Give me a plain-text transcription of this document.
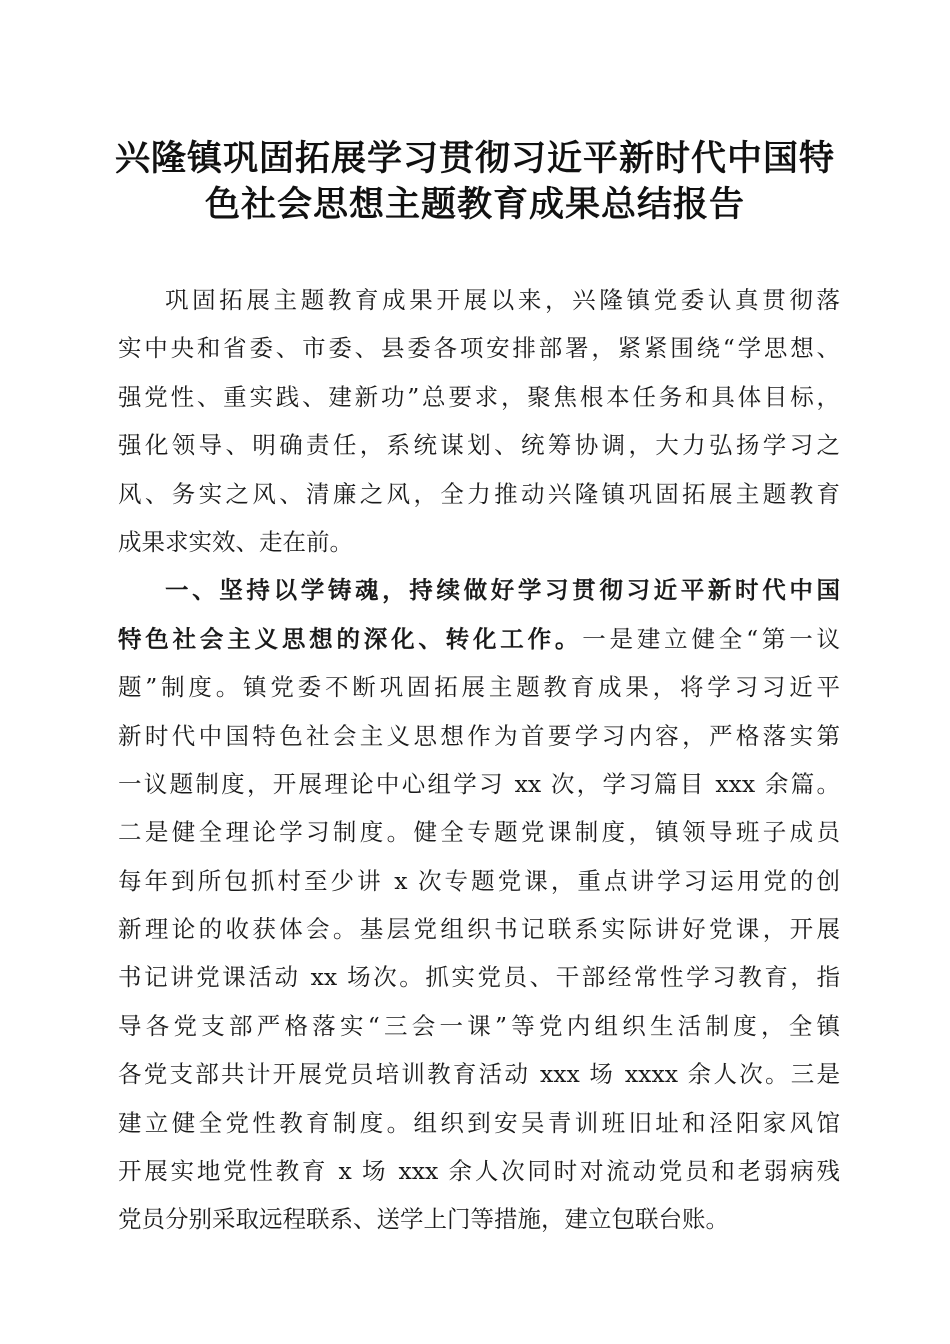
兴隆镇巩固拓展学习贯彻习近平新时代中国特
色社会思想主题教育成果总结报告
巩固拓展主题教育成果开展以来，兴隆镇党委认真贯彻落
实中央和省委、市委、县委各项安排部署，紧紧围绕“学思想、
强党性、重实践、建新功”总要求，聚焦根本任务和具体目标，
强化领导、明确责任，系统谋划、统筹协调，大力弘扬学习之
风、务实之风、清廉之风，全力推动兴隆镇巩固拓展主题教育
成果求实效、走在前。
一、坚持以学铸魂，持续做好学习贯彻习近平新时代中国
特色社会主义思想的深化、转化工作。一是建立健全“第一议
题”制度。镇党委不断巩固拓展主题教育成果，将学习习近平
新时代中国特色社会主义思想作为首要学习内容，严格落实第
一议题制度，开展理论中心组学习 xx 次，学习篇目 xxx 余篇。
二是健全理论学习制度。健全专题党课制度，镇领导班子成员
每年到所包抓村至少讲 x 次专题党课，重点讲学习运用党的创
新理论的收获体会。基层党组织书记联系实际讲好党课，开展
书记讲党课活动 xx 场次。抓实党员、干部经常性学习教育，指
导各党支部严格落实“三会一课”等党内组织生活制度，全镇
各党支部共计开展党员培训教育活动 xxx 场 xxxx 余人次。三是
建立健全党性教育制度。组织到安吴青训班旧址和泾阳家风馆
开展实地党性教育 x 场 xxx 余人次同时对流动党员和老弱病残
党员分别采取远程联系、送学上门等措施，建立包联台账。
